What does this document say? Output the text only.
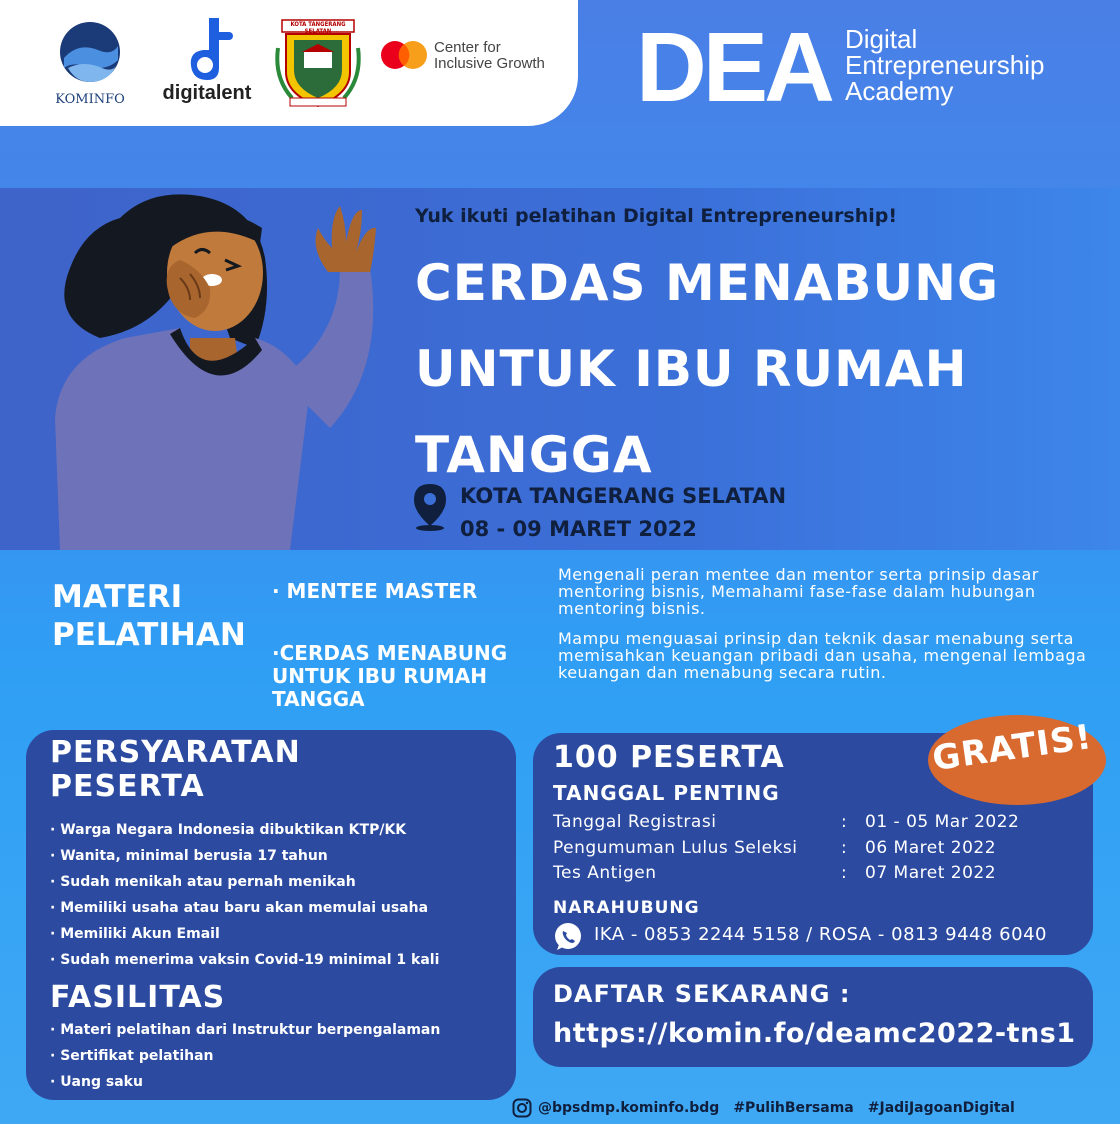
KOMINFO	digitalent
KOTA TANGERANG SELATAN
Center for
Inclusive Growth DEA Digital
Entrepreneurship
Academy
Yuk ikuti pelatihan Digital Entrepreneurship!
CERDAS MENABUNG
UNTUK IBU RUMAH
TANGGA
KOTA TANGERANG SELATAN
08 - 09 MARET 2022
MATERI
PELATIHAN
· MENTEE MASTER
·CERDAS MENABUNG UNTUK IBU RUMAH TANGGA
Mengenali peran mentee dan mentor serta prinsip dasar mentoring bisnis, Memahami fase-fase dalam hubungan mentoring bisnis.
Mampu menguasai prinsip dan teknik dasar menabung serta memisahkan keuangan pribadi dan usaha, mengenal lembaga keuangan dan menabung secara rutin.
PERSYARATAN
PESERTA
· Warga Negara Indonesia dibuktikan KTP/KK
· Wanita, minimal berusia 17 tahun
· Sudah menikah atau pernah menikah
· Memiliki usaha atau baru akan memulai usaha
· Memiliki Akun Email
· Sudah menerima vaksin Covid-19 minimal 1 kali
FASILITAS
· Materi pelatihan dari Instruktur berpengalaman
· Sertifikat pelatihan
· Uang saku
100 PESERTA
TANGGAL PENTING
Tanggal Registrasi	:	01 - 05 Mar 2022
Pengumuman Lulus Seleksi	:	06 Maret 2022
Tes Antigen	:	07 Maret 2022
NARAHUBUNG
IKA - 0853 2244 5158 / ROSA - 0813 9448 6040
GRATIS!
DAFTAR SEKARANG :
https://komin.fo/deamc2022-tns1
@bpsdmp.kominfo.bdg #PulihBersama #JadiJagoanDigital
